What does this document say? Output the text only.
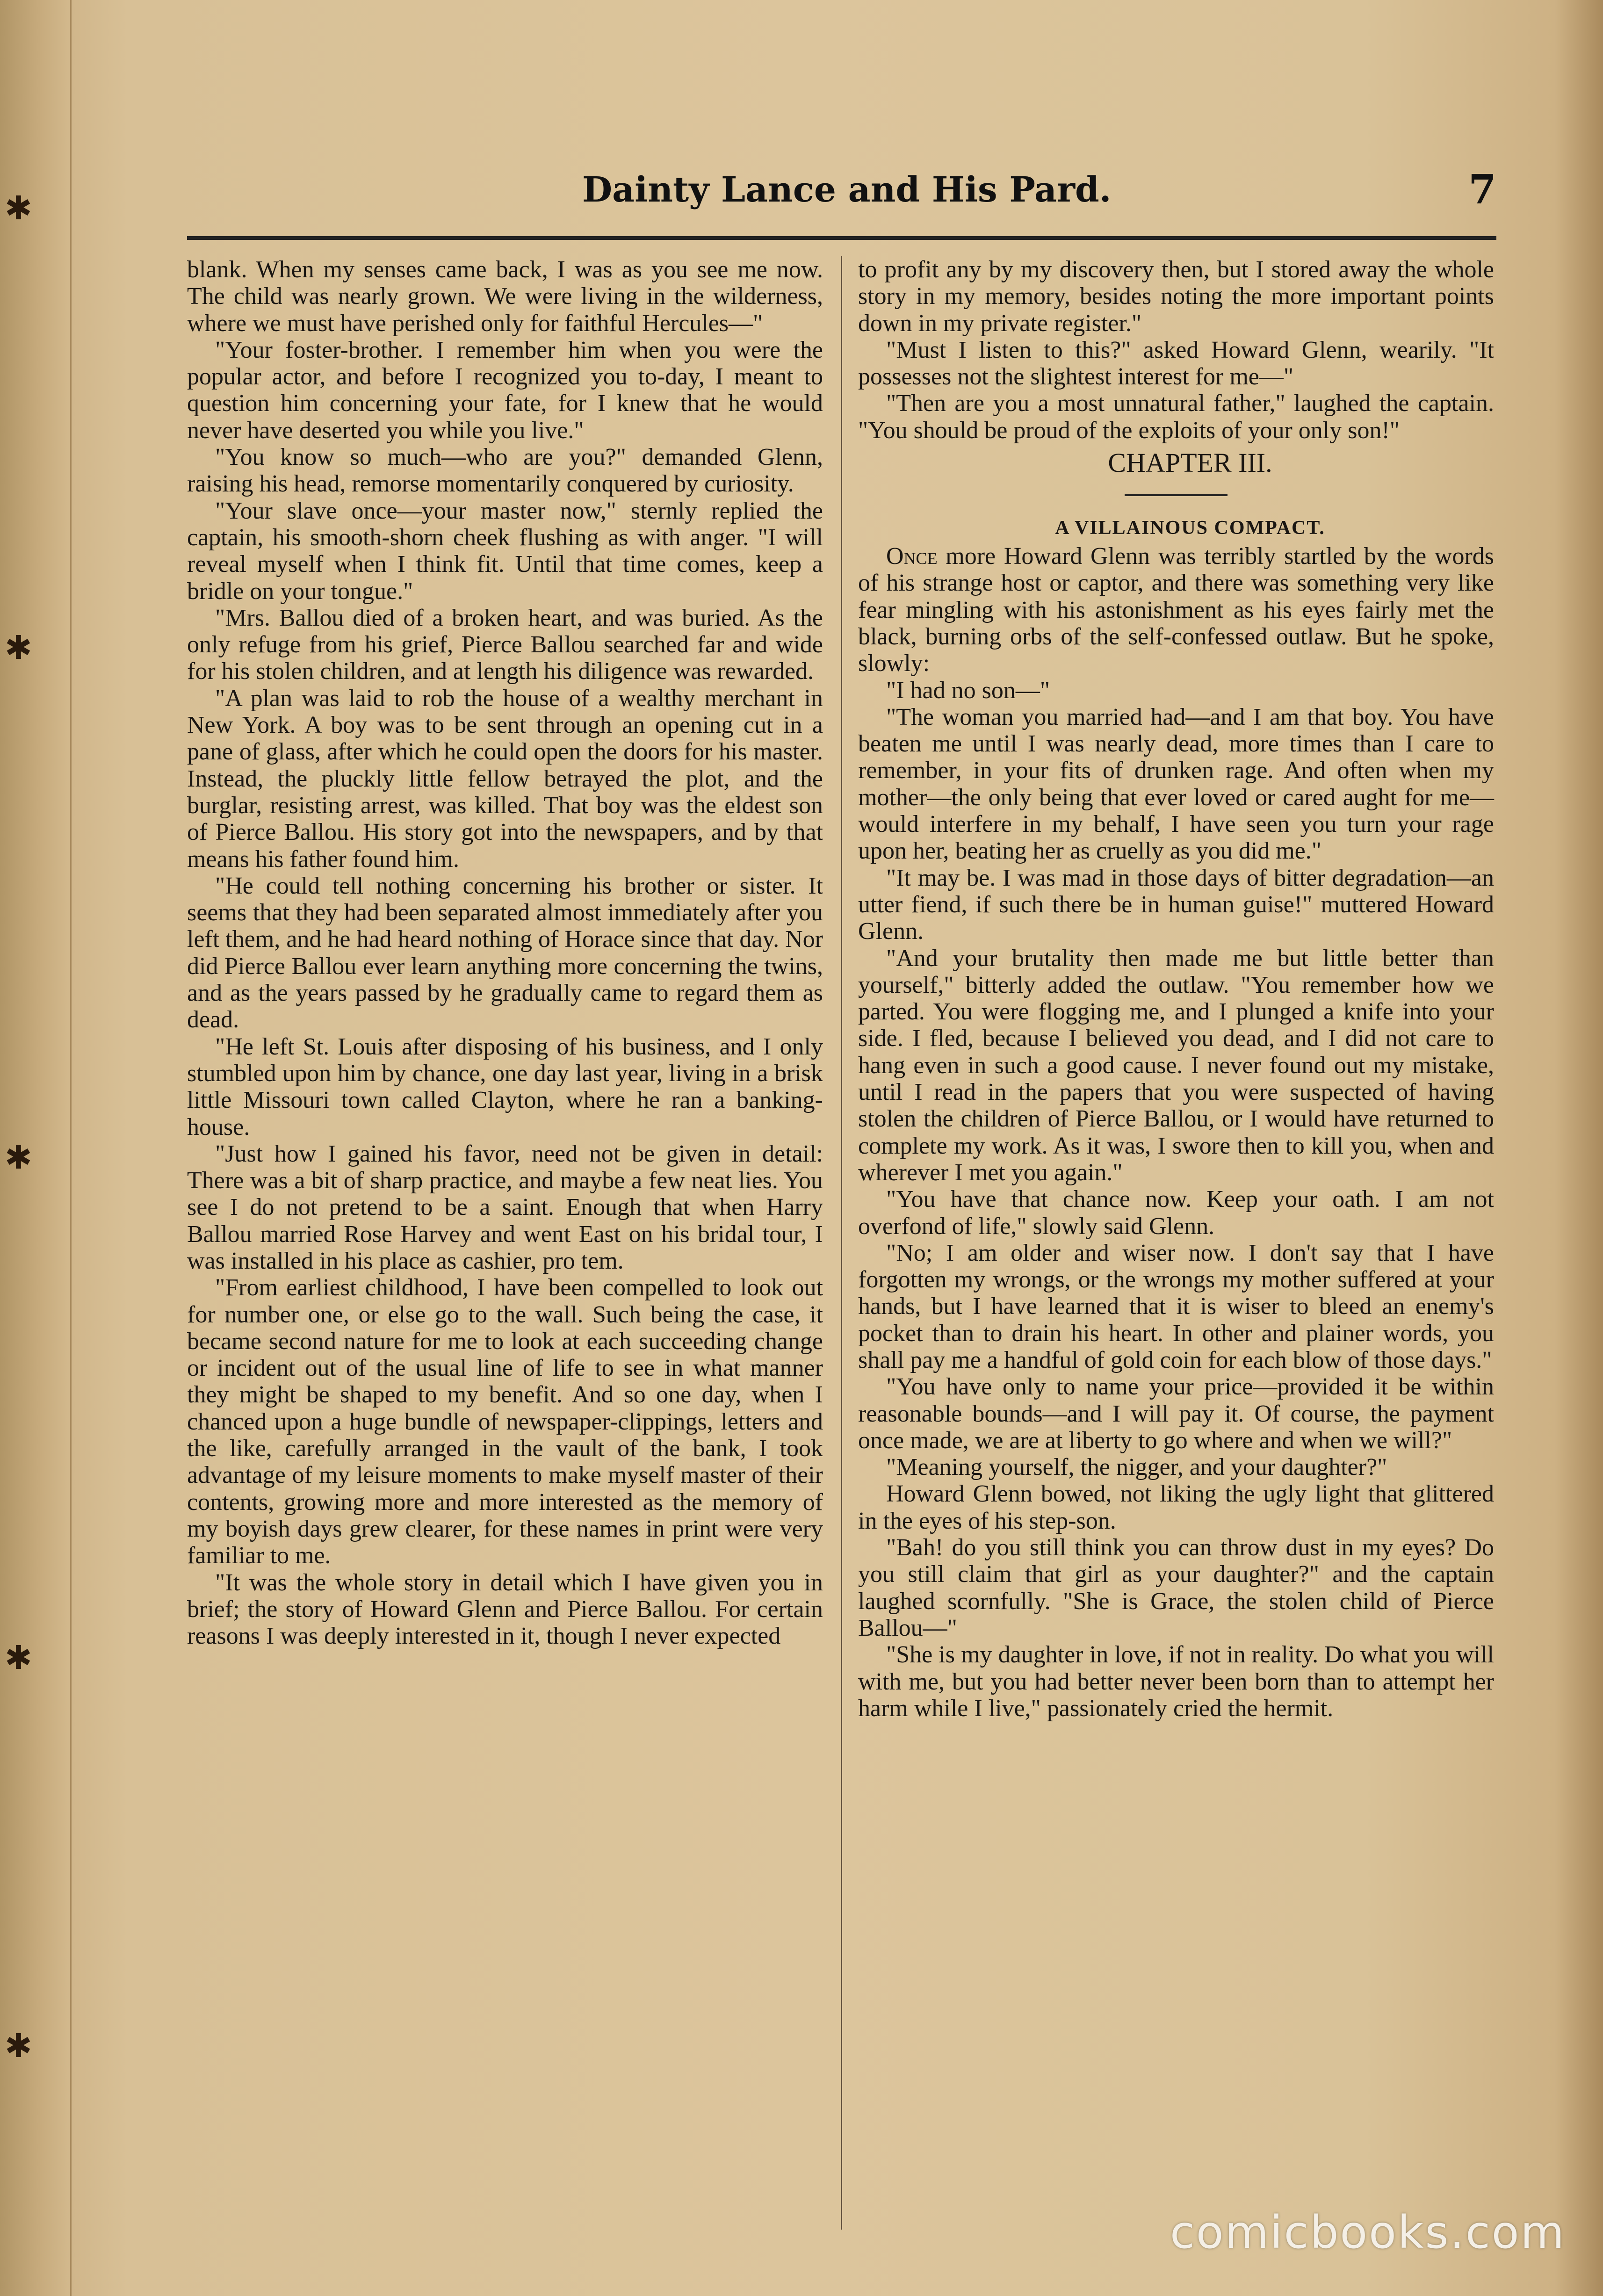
✱
✱
✱
✱
✱
Dainty Lance and His Pard.	7

blank. When my senses came back, I was as you see me now. The child was nearly grown. We were living in the wilderness, where we must have perished only for faithful Hercules—"

"Your foster-brother. I remember him when you were the popular actor, and before I recognized you to-day, I meant to question him concerning your fate, for I knew that he would never have deserted you while you live."

"You know so much—who are you?" demanded Glenn, raising his head, remorse momentarily conquered by curiosity.

"Your slave once—your master now," sternly replied the captain, his smooth-shorn cheek flushing as with anger. "I will reveal myself when I think fit. Until that time comes, keep a bridle on your tongue."

"Mrs. Ballou died of a broken heart, and was buried. As the only refuge from his grief, Pierce Ballou searched far and wide for his stolen children, and at length his diligence was rewarded.

"A plan was laid to rob the house of a wealthy merchant in New York. A boy was to be sent through an opening cut in a pane of glass, after which he could open the doors for his master. Instead, the pluckly little fellow betrayed the plot, and the burglar, resisting arrest, was killed. That boy was the eldest son of Pierce Ballou. His story got into the newspapers, and by that means his father found him.

"He could tell nothing concerning his brother or sister. It seems that they had been separated almost immediately after you left them, and he had heard nothing of Horace since that day. Nor did Pierce Ballou ever learn anything more concerning the twins, and as the years passed by he gradually came to regard them as dead.

"He left St. Louis after disposing of his business, and I only stumbled upon him by chance, one day last year, living in a brisk little Missouri town called Clayton, where he ran a banking-house.

"Just how I gained his favor, need not be given in detail: There was a bit of sharp practice, and maybe a few neat lies. You see I do not pretend to be a saint. Enough that when Harry Ballou married Rose Harvey and went East on his bridal tour, I was installed in his place as cashier, pro tem.

"From earliest childhood, I have been compelled to look out for number one, or else go to the wall. Such being the case, it became second nature for me to look at each succeeding change or incident out of the usual line of life to see in what manner they might be shaped to my benefit. And so one day, when I chanced upon a huge bundle of newspaper-clippings, letters and the like, carefully arranged in the vault of the bank, I took advantage of my leisure moments to make myself master of their contents, growing more and more interested as the memory of my boyish days grew clearer, for these names in print were very familiar to me.

"It was the whole story in detail which I have given you in brief; the story of Howard Glenn and Pierce Ballou. For certain reasons I was deeply interested in it, though I never expected

to profit any by my discovery then, but I stored away the whole story in my memory, besides noting the more important points down in my private register."

"Must I listen to this?" asked Howard Glenn, wearily. "It possesses not the slightest interest for me—"

"Then are you a most unnatural father," laughed the captain. "You should be proud of the exploits of your only son!"

CHAPTER III.

A VILLAINOUS COMPACT.

Once more Howard Glenn was terribly startled by the words of his strange host or captor, and there was something very like fear mingling with his astonishment as his eyes fairly met the black, burning orbs of the self-confessed outlaw. But he spoke, slowly:

"I had no son—"

"The woman you married had—and I am that boy. You have beaten me until I was nearly dead, more times than I care to remember, in your fits of drunken rage. And often when my mother—the only being that ever loved or cared aught for me—would interfere in my behalf, I have seen you turn your rage upon her, beating her as cruelly as you did me."

"It may be. I was mad in those days of bitter degradation—an utter fiend, if such there be in human guise!" muttered Howard Glenn.

"And your brutality then made me but little better than yourself," bitterly added the outlaw. "You remember how we parted. You were flogging me, and I plunged a knife into your side. I fled, because I believed you dead, and I did not care to hang even in such a good cause. I never found out my mistake, until I read in the papers that you were suspected of having stolen the children of Pierce Ballou, or I would have returned to complete my work. As it was, I swore then to kill you, when and wherever I met you again."

"You have that chance now. Keep your oath. I am not overfond of life," slowly said Glenn.

"No; I am older and wiser now. I don't say that I have forgotten my wrongs, or the wrongs my mother suffered at your hands, but I have learned that it is wiser to bleed an enemy's pocket than to drain his heart. In other and plainer words, you shall pay me a handful of gold coin for each blow of those days."

"You have only to name your price—provided it be within reasonable bounds—and I will pay it. Of course, the payment once made, we are at liberty to go where and when we will?"

"Meaning yourself, the nigger, and your daughter?"

Howard Glenn bowed, not liking the ugly light that glittered in the eyes of his step-son.

"Bah! do you still think you can throw dust in my eyes? Do you still claim that girl as your daughter?" and the captain laughed scornfully. "She is Grace, the stolen child of Pierce Ballou—"

"She is my daughter in love, if not in reality. Do what you will with me, but you had better never been born than to attempt her harm while I live," passionately cried the hermit.

comicbooks.com
